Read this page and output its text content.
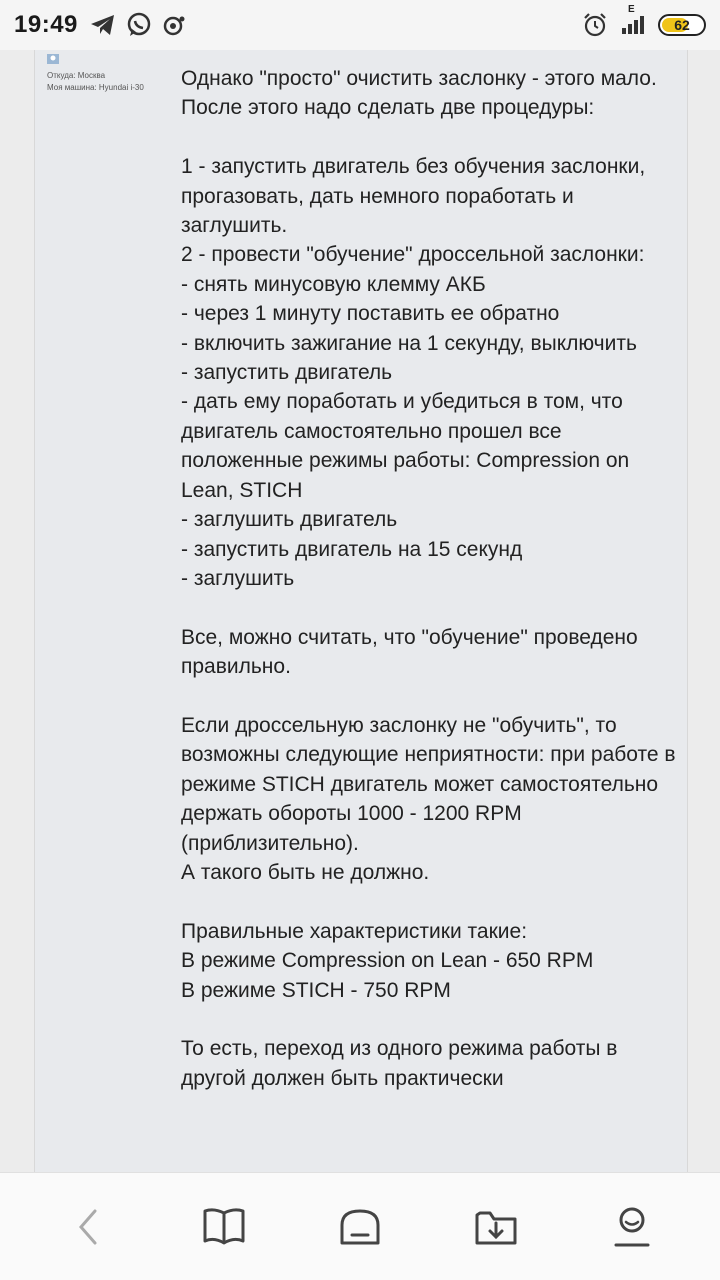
19:49
E
62
Откуда: Москва
Моя машина: Hyundai i-30	Однако "просто" очистить заслонку - этого мало. После этого надо сделать две процедуры:

1 - запустить двигатель без обучения заслонки, прогазовать, дать немного поработать и заглушить.
2 - провести "обучение" дроссельной заслонки:
- снять минусовую клемму АКБ
- через 1 минуту поставить ее обратно
- включить зажигание на 1 секунду, выключить
- запустить двигатель
- дать ему поработать и убедиться в том, что двигатель самостоятельно прошел все положенные режимы работы: Compression on Lean, STICH
- заглушить двигатель
- запустить двигатель на 15 секунд
- заглушить

Все, можно считать, что "обучение" проведено правильно.

Если дроссельную заслонку не "обучить", то возможны следующие неприятности: при работе в режиме STICH двигатель может самостоятельно держать обороты 1000 - 1200 RPM (приблизительно).
А такого быть не должно.

Правильные характеристики такие:
В режиме Compression on Lean - 650 RPM
В режиме STICH - 750 RPM

То есть, переход из одного режима работы в другой должен быть практически
